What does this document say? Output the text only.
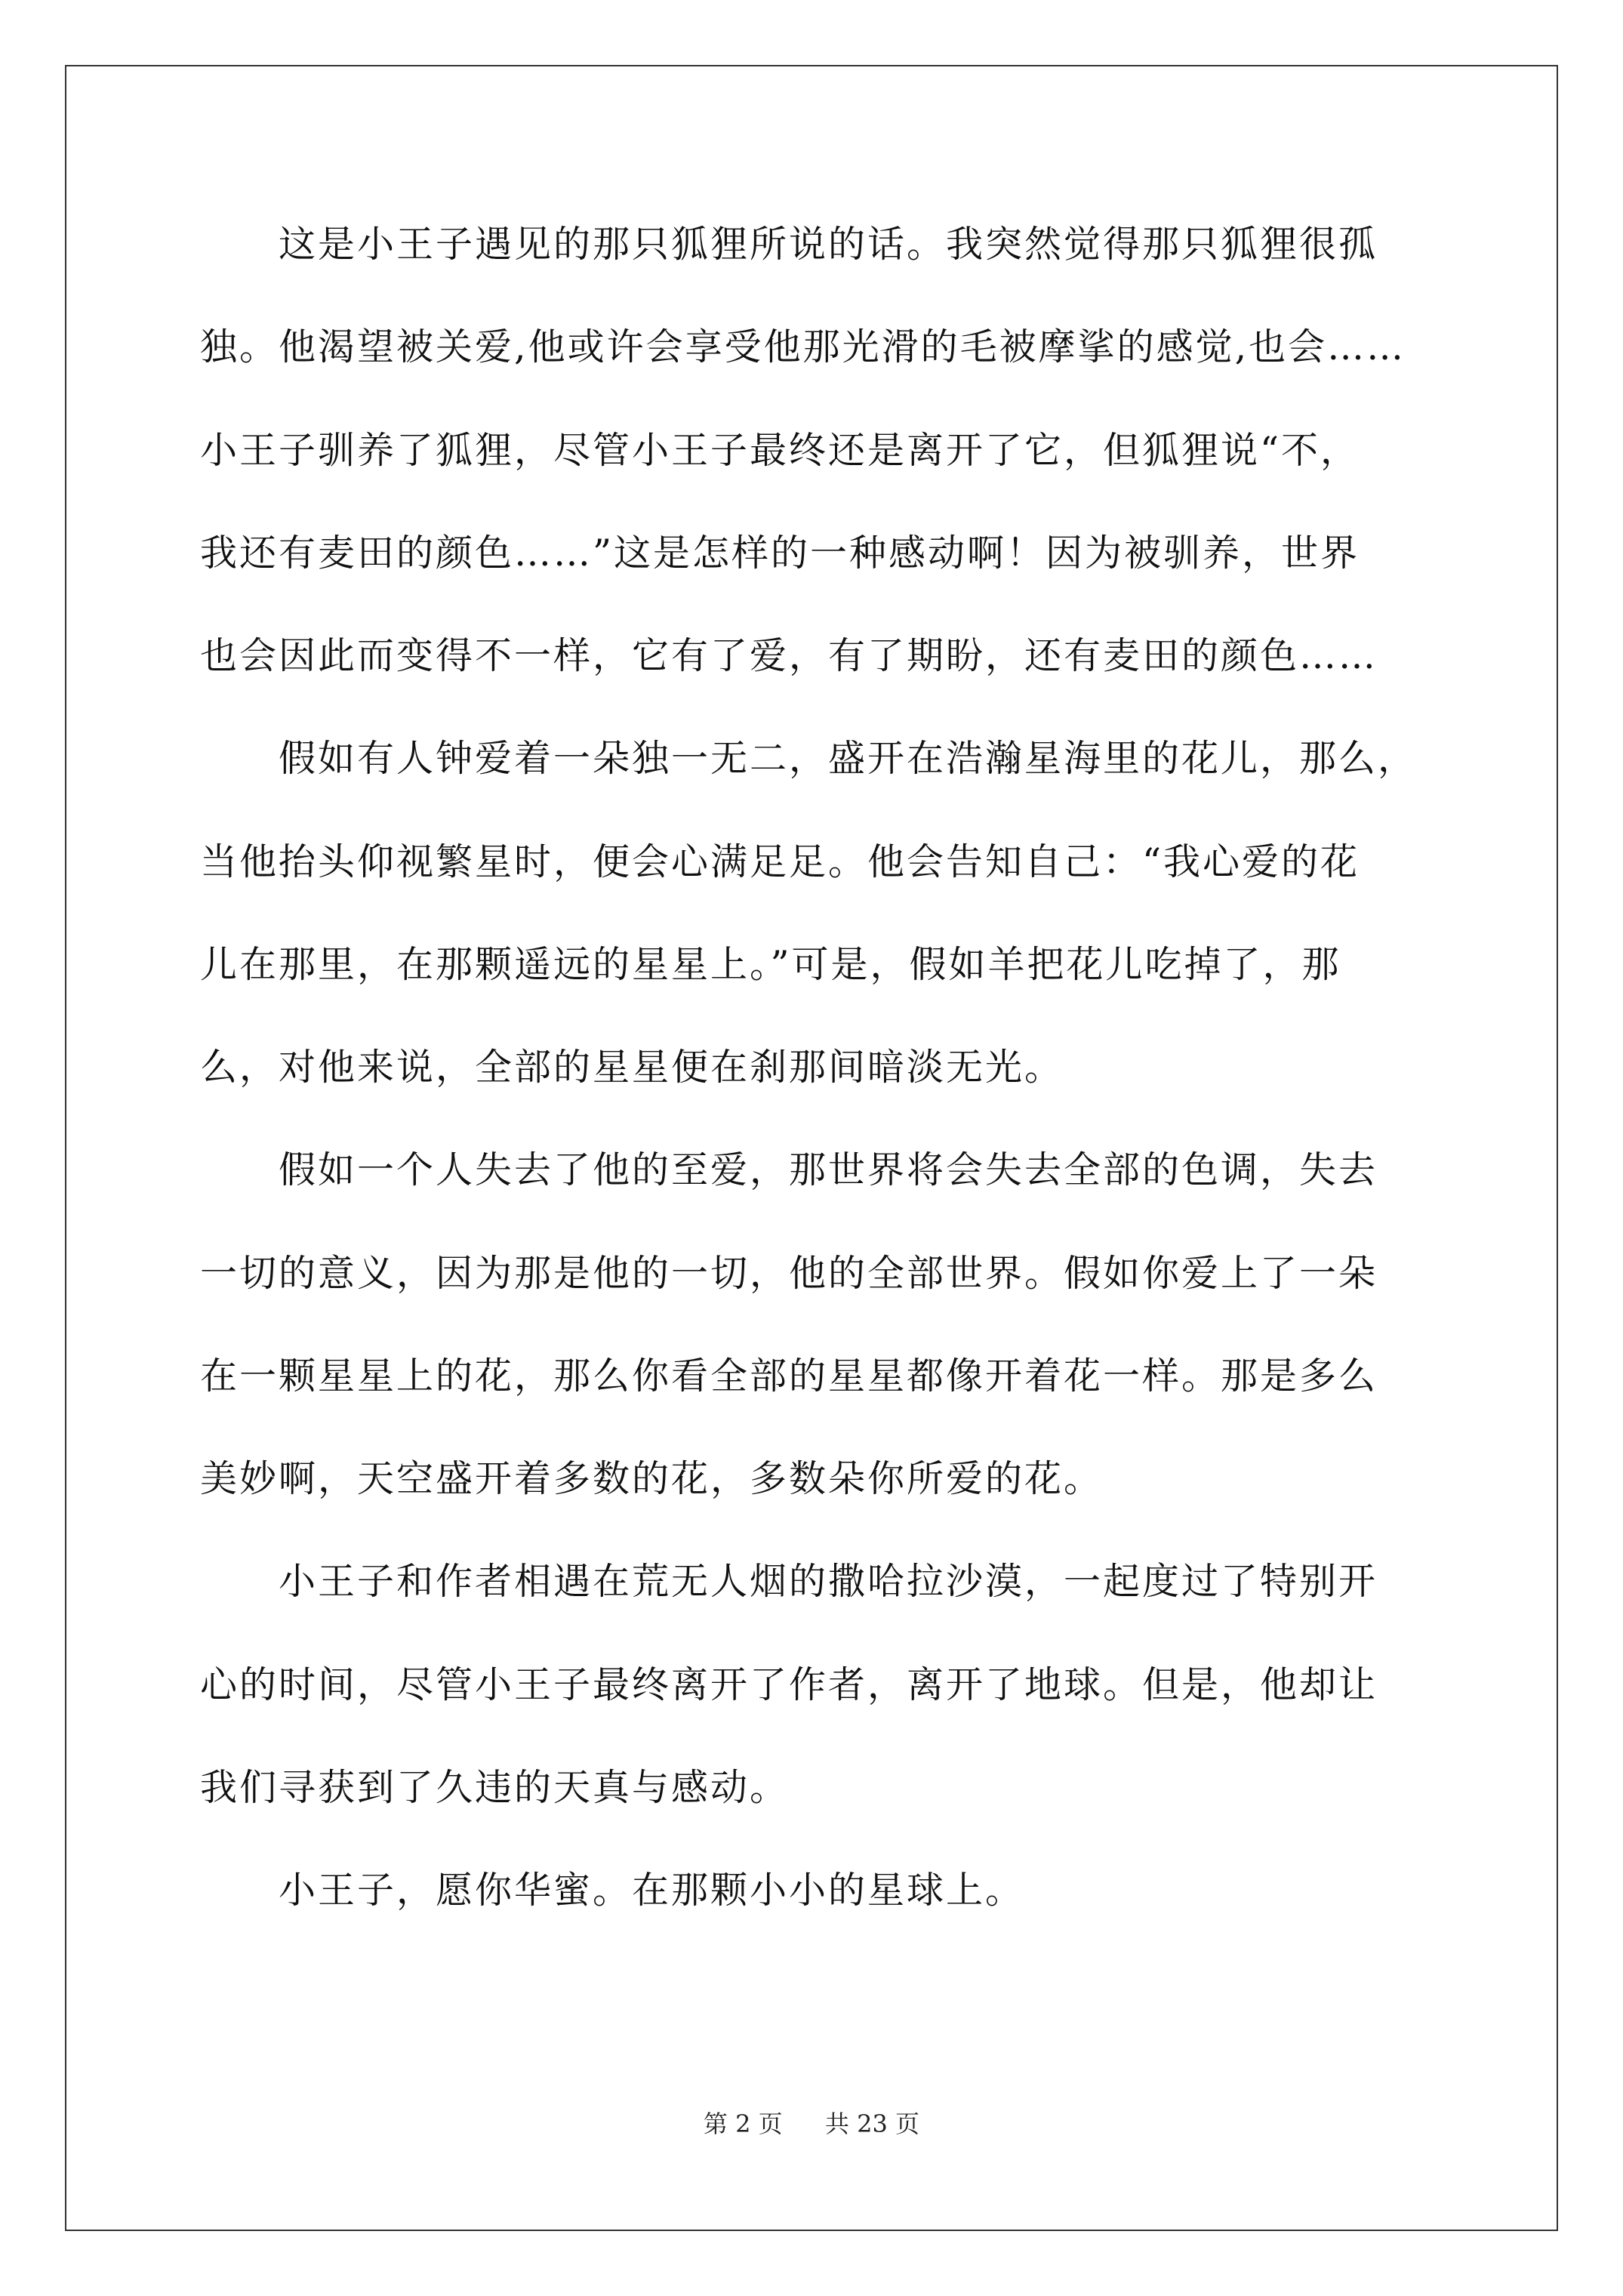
这是小王子遇见的那只狐狸所说的话。我突然觉得那只狐狸很孤
独。他渴望被关爱,他或许会享受他那光滑的毛被摩挲的感觉,也会……
小王子驯养了狐狸，尽管小王子最终还是离开了它，但狐狸说“不，
我还有麦田的颜色……”这是怎样的一种感动啊！因为被驯养，世界
也会因此而变得不一样，它有了爱，有了期盼，还有麦田的颜色……
假如有人钟爱着一朵独一无二，盛开在浩瀚星海里的花儿，那么，
当他抬头仰视繁星时，便会心满足足。他会告知自己：“我心爱的花
儿在那里，在那颗遥远的星星上。”可是，假如羊把花儿吃掉了，那
么，对他来说，全部的星星便在刹那间暗淡无光。
假如一个人失去了他的至爱，那世界将会失去全部的色调，失去
一切的意义，因为那是他的一切，他的全部世界。假如你爱上了一朵
在一颗星星上的花，那么你看全部的星星都像开着花一样。那是多么
美妙啊，天空盛开着多数的花，多数朵你所爱的花。
小王子和作者相遇在荒无人烟的撒哈拉沙漠，一起度过了特别开
心的时间，尽管小王子最终离开了作者，离开了地球。但是，他却让
我们寻获到了久违的天真与感动。
小王子，愿你华蜜。在那颗小小的星球上。
第 2 页 共 23 页
